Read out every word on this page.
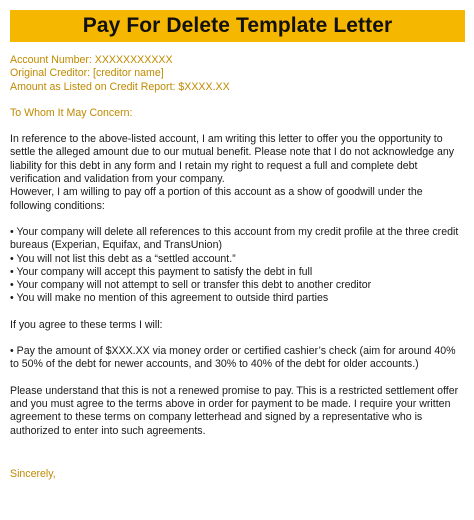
Pay For Delete Template Letter
Account Number: XXXXXXXXXXX
Original Creditor: [creditor name]
Amount as Listed on Credit Report: $XXXX.XX
To Whom It May Concern:
In reference to the above-listed account, I am writing this letter to offer you the opportunity to settle the alleged amount due to our mutual benefit. Please note that I do not acknowledge any liability for this debt in any form and I retain my right to request a full and complete debt verification and validation from your company.
However, I am willing to pay off a portion of this account as a show of goodwill under the following conditions:
• Your company will delete all references to this account from my credit profile at the three credit bureaus (Experian, Equifax, and TransUnion)
• You will not list this debt as a “settled account.”
• Your company will accept this payment to satisfy the debt in full
• Your company will not attempt to sell or transfer this debt to another creditor
• You will make no mention of this agreement to outside third parties
If you agree to these terms I will:
• Pay the amount of $XXX.XX via money order or certified cashier’s check (aim for around 40% to 50% of the debt for newer accounts, and 30% to 40% of the debt for older accounts.)
Please understand that this is not a renewed promise to pay. This is a restricted settlement offer and you must agree to the terms above in order for payment to be made. I require your written agreement to these terms on company letterhead and signed by a representative who is authorized to enter into such agreements.
Sincerely,
